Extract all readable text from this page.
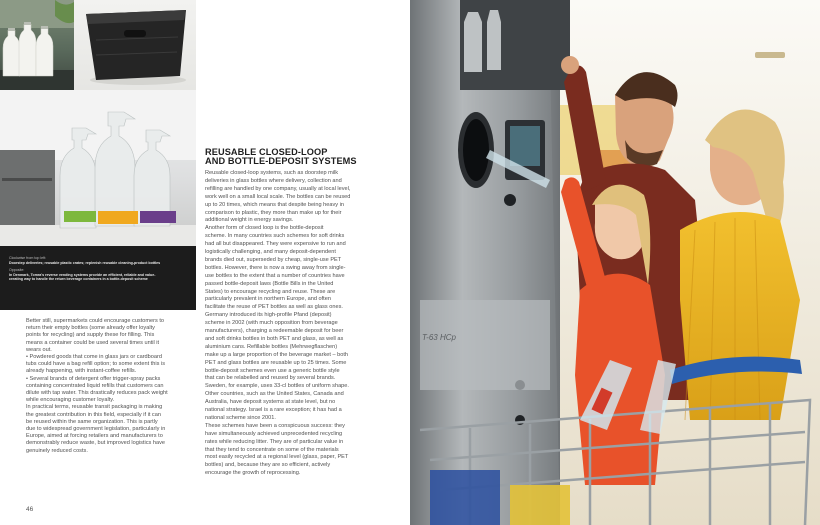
Clockwise from top left:
Doorstep deliveries; reusable plastic crates; replenish reusable cleaning-product bottles
Opposite:
In Denmark, Tomra's reverse vending systems provide an efficient, reliable and value-
creating way to handle the return beverage containers in a bottle-deposit scheme
Better still, supermarkets could encourage customers to
return their empty bottles (some already offer loyalty
points for recycling) and supply these for filling. This
means a container could be used several times until it
wears out.
• Powdered goods that come in glass jars or cardboard
tubs could have a bag refill option; to some extent this is
already happening, with instant-coffee refills.
• Several brands of detergent offer trigger-spray packs
containing concentrated liquid refills that customers can
dilute with tap water. This drastically reduces pack weight
while encouraging customer loyalty.
In practical terms, reusable transit packaging is making
the greatest contribution in this field, especially if it can
be reused within the same organization. This is partly
due to widespread government legislation, particularly in
Europe, aimed at forcing retailers and manufacturers to
demonstrably reduce waste, but improved logistics have
genuinely reduced costs.
REUSABLE CLOSED-LOOP
AND BOTTLE-DEPOSIT SYSTEMS
Reusable closed-loop systems, such as doorstep milk
deliveries in glass bottles where delivery, collection and
refilling are handled by one company, usually at local level,
work well on a small local scale. The bottles can be reused
up to 20 times, which means that despite being heavy in
comparison to plastic, they more than make up for their
additional weight in energy savings.
Another form of closed loop is the bottle-deposit
scheme. In many countries such schemes for soft drinks
had all but disappeared. They were expensive to run and
logistically challenging, and many deposit-dependent
brands died out, superseded by cheap, single-use PET
bottles. However, there is now a swing away from single-
use bottles to the extent that a number of countries have
passed bottle-deposit laws (Bottle Bills in the United
States) to encourage recycling and reuse. These are
particularly prevalent in northern Europe, and often
facilitate the reuse of PET bottles as well as glass ones.
Germany introduced its high-profile Pfand (deposit)
scheme in 2002 (with much opposition from beverage
manufacturers), charging a redeemable deposit for beer
and soft drinks bottles in both PET and glass, as well as
aluminium cans. Refillable bottles (Mehrwegflaschen)
make up a large proportion of the beverage market – both
PET and glass bottles are reusable up to 25 times. Some
bottle-deposit schemes even use a generic bottle style
that can be relabelled and reused by several brands.
Sweden, for example, uses 33-cl bottles of uniform shape.
Other countries, such as the United States, Canada and
Australia, have deposit systems at state level, but no
national strategy. Israel is a rare exception; it has had a
national scheme since 2001.
These schemes have been a conspicuous success: they
have simultaneously achieved unprecedented recycling
rates while reducing litter. They are of particular value in
that they tend to concentrate on some of the materials
most easily recycled at a regional level (glass, paper, PET
bottles) and, because they are so efficient, actively
encourage the growth of reprocessing.
46
T-63 HCp
